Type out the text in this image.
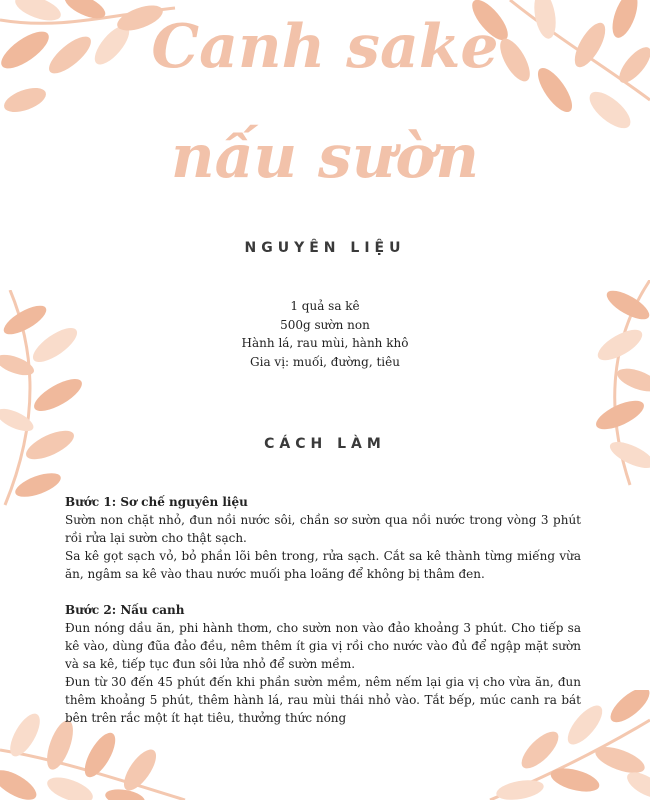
Canh sake
nấu sườn
NGUYÊN LIỆU
1 quả sa kê
500g sườn non
Hành lá, rau mùi, hành khô
Gia vị: muối, đường, tiêu
CÁCH LÀM

Bước 1: Sơ chế nguyên liệu

Sườn non chặt nhỏ, đun nồi nước sôi, chần sơ sườn qua nồi nước trong vòng 3 phút rồi rửa lại sườn cho thật sạch.

Sa kê gọt sạch vỏ, bỏ phần lõi bên trong, rửa sạch. Cắt sa kê thành từng miếng vừa ăn, ngâm sa kê vào thau nước muối pha loãng để không bị thâm đen.

Bước 2: Nấu canh

Đun nóng dầu ăn, phi hành thơm, cho sườn non vào đảo khoảng 3 phút. Cho tiếp sa kê vào, dùng đũa đảo đều, nêm thêm ít gia vị rồi cho nước vào đủ để ngập mặt sườn và sa kê, tiếp tục đun sôi lửa nhỏ để sườn mềm.

Đun từ 30 đến 45 phút đến khi phần sườn mềm, nêm nếm lại gia vị cho vừa ăn, đun thêm khoảng 5 phút, thêm hành lá, rau mùi thái nhỏ vào. Tắt bếp, múc canh ra bát bên trên rắc một ít hạt tiêu, thưởng thức nóng
